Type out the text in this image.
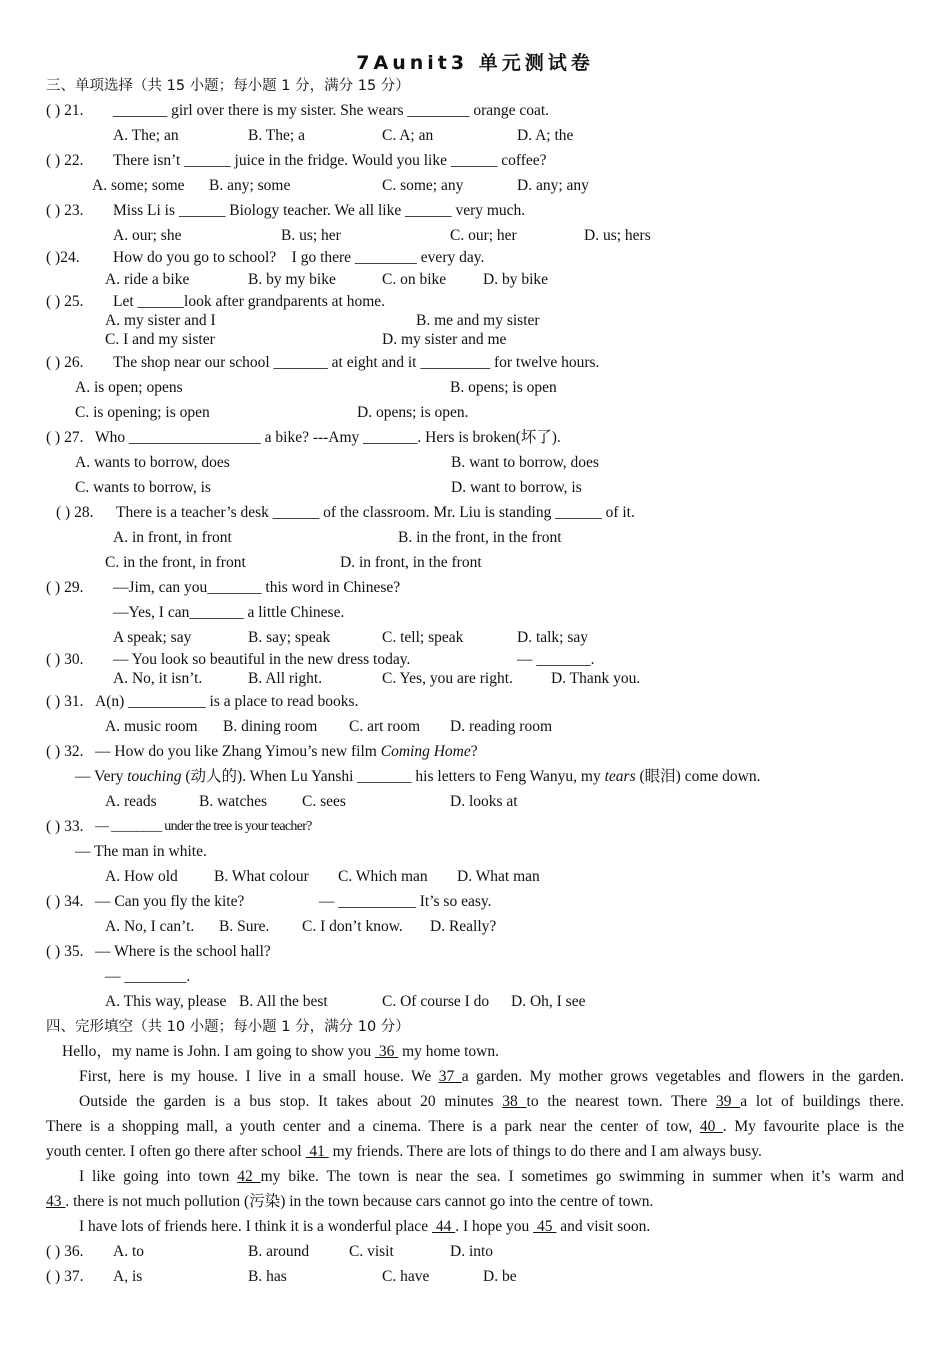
7Aunit3 单元测试卷
三、单项选择（共 15 小题；每小题 1 分，满分 15 分）
( ) 21. _______ girl over there is my sister. She wears ________ orange coat.
A. The; an	B. The; a	C. A; an	D. A; the
( ) 22. There isn’t ______ juice in the fridge. Would you like ______ coffee?
A. some; some B. any; some	C. some; any	D. any; any
( ) 23. Miss Li is ______ Biology teacher. We all like ______ very much.
A. our; she	B. us; her	C. our; her	D. us; hers
( )24. How do you go to school?    I go there ________ every day.
A. ride a bike	B. by my bike	C. on bike D. by bike
( ) 25. Let ______look after grandparents at home.
A. my sister and I	B. me and my sister
C. I and my sister	D. my sister and me
( ) 26. The shop near our school _______ at eight and it _________ for twelve hours.
A. is open; opens	B. opens; is open
C. is opening; is open	D. opens; is open.
( ) 27. Who _________________ a bike? ---Amy _______. Hers is broken(坏了).
A. wants to borrow, does	B. want to borrow, does
C. wants to borrow, is	D. want to borrow, is
( ) 28. There is a teacher’s desk ______ of the classroom. Mr. Liu is standing ______ of it.
A. in front, in front	B. in the front, in the front
C. in the front, in front	D. in front, in the front
( ) 29. —Jim, can you_______ this word in Chinese?
—Yes, I can_______ a little Chinese.
A speak; say	B. say; speak	C. tell; speak	D. talk; say
( ) 30. — You look so beautiful in the new dress today.	— _______.
A. No, it isn’t.	B. All right.	C. Yes, you are right. D. Thank you.
( ) 31. A(n) __________ is a place to read books.
A. music room B. dining room C. art room D. reading room
( ) 32. — How do you like Zhang Yimou’s new film Coming Home?
— Very touching (动人的). When Lu Yanshi _______ his letters to Feng Wanyu, my tears (眼泪) come down.
A. reads	B. watches C. sees	D. looks at
( ) 33. — ________ under the tree is your teacher?
— The man in white.
A. How old B. What colour C. Which man D. What man
( ) 34. — Can you fly the kite?	— __________ It’s so easy.
A. No, I can’t. B. Sure. C. I don’t know. D. Really?
( ) 35. — Where is the school hall?
— ________.
A. This way, please B. All the best	C. Of course I do D. Oh, I see
四、完形填空（共 10 小题；每小题 1 分，满分 10 分）
Hello，my name is John. I am going to show you  36  my home town.
First, here is my house. I live in a small house. We 37 a garden. My mother grows vegetables and flowers in the garden.
Outside the garden is a bus stop. It takes about 20 minutes 38 to the nearest town. There 39 a lot of buildings there.
There is a shopping mall, a youth center and a cinema. There is a park near the center of tow, 40 . My favourite place is the
youth center. I often go there after school  41  my friends. There are lots of things to do there and I am always busy.
I like going into town 42 my bike. The town is near the sea. I sometimes go swimming in summer when it’s warm and
43 . there is not much pollution (污染) in the town because cars cannot go into the centre of town.
I have lots of friends here. I think it is a wonderful place  44 . I hope you  45  and visit soon.
( ) 36. A. to	B. around	C. visit	D. into
( ) 37. A, is	B. has	C. have	D. be
